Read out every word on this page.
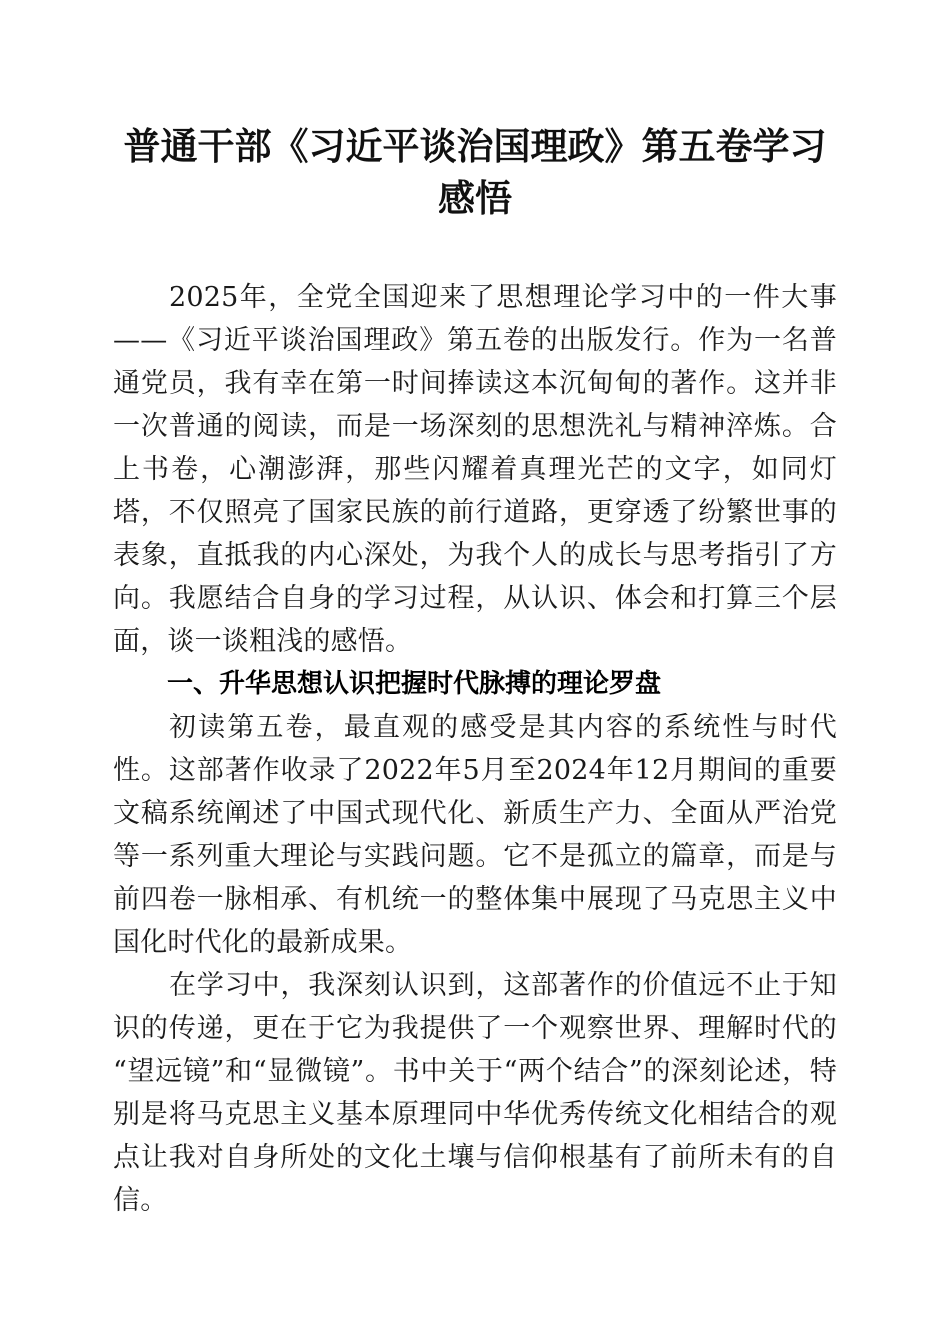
普通干部《习近平谈治国理政》第五卷学习感悟

2025年，全党全国迎来了思想理论学习中的一件大事——《习近平谈治国理政》第五卷的出版发行。作为一名普通党员，我有幸在第一时间捧读这本沉甸甸的著作。这并非一次普通的阅读，而是一场深刻的思想洗礼与精神淬炼。合上书卷，心潮澎湃，那些闪耀着真理光芒的文字，如同灯塔，不仅照亮了国家民族的前行道路，更穿透了纷繁世事的表象，直抵我的内心深处，为我个人的成长与思考指引了方向。我愿结合自身的学习过程，从认识、体会和打算三个层面，谈一谈粗浅的感悟。

一、升华思想认识把握时代脉搏的理论罗盘

初读第五卷，最直观的感受是其内容的系统性与时代性。这部著作收录了2022年5月至2024年12月期间的重要文稿系统阐述了中国式现代化、新质生产力、全面从严治党等一系列重大理论与实践问题。它不是孤立的篇章，而是与前四卷一脉相承、有机统一的整体集中展现了马克思主义中国化时代化的最新成果。

在学习中，我深刻认识到，这部著作的价值远不止于知识的传递，更在于它为我提供了一个观察世界、理解时代的“望远镜”和“显微镜”。书中关于“两个结合”的深刻论述，特别是将马克思主义基本原理同中华优秀传统文化相结合的观点让我对自身所处的文化土壤与信仰根基有了前所未有的自信。
